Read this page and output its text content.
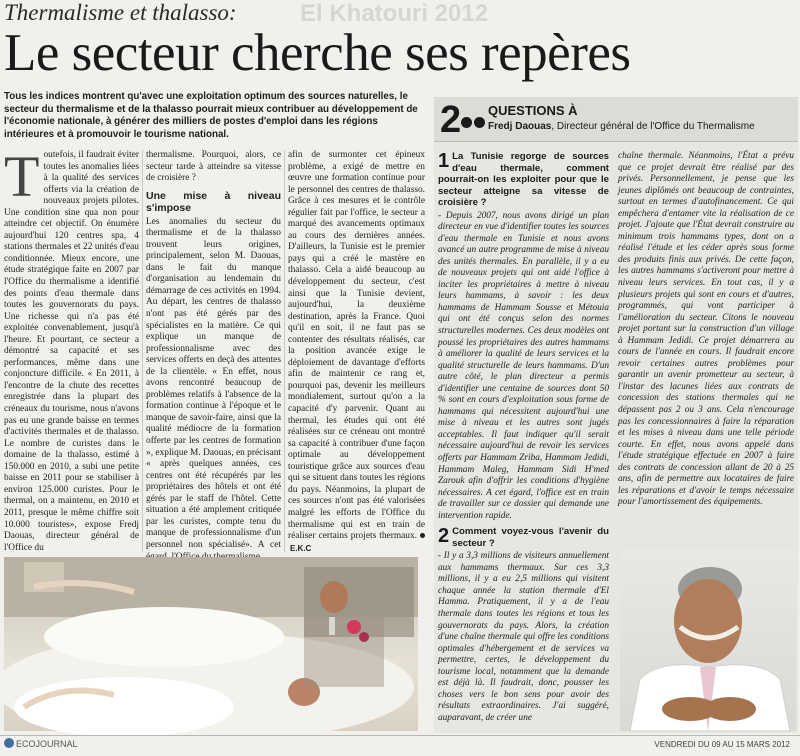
El Khatouri 2012
Thermalisme et thalasso:
Le secteur cherche ses repères
Tous les indices montrent qu'avec une exploitation optimum des sources naturelles, le secteur du thermalisme et de la thalasso pourrait mieux contribuer au développement de l'économie nationale, à générer des milliers de postes d'emploi dans les régions intérieures et à promouvoir le tourisme national.
T outefois, il faudrait éviter toutes les anomalies liées à la qualité des services offerts via la création de nouveaux projets pilotes. Une condition sine qua non pour atteindre cet objectif. On énumère aujourd'hui 120 centres spa, 4 stations thermales et 22 unités d'eau conditionnée. Mieux encore, une étude stratégique faite en 2007 par l'Office du thermalisme a identifié des points d'eau thermale dans toutes les gouvernorats du pays. Une richesse qui n'a pas été exploitée convenablement, jusqu'à l'heure. Et pourtant, ce secteur a démontré sa capacité et ses performances, même dans une conjoncture difficile. « En 2011, à l'encontre de la chute des recettes enregistrée dans la plupart des créneaux du tourisme, nous n'avons pas eu une grande baisse en termes d'activités thermales et de thalasso. Le nombre de curistes dans le domaine de la thalasso, estimé à 150.000 en 2010, a subi une petite baisse en 2011 pour se stabiliser à environ 125.000 curistes. Pour le thermal, on a maintenu, en 2010 et 2011, presque le même chiffre soit 10.000 touristes», expose Fredj Daouas, directeur général de l'Office du

thermalisme. Pourquoi, alors, ce secteur tarde à atteindre sa vitesse de croisière ?

Une mise à niveau s'impose

Les anomalies du secteur du thermalisme et de la thalasso trouvent leurs origines, principalement, selon M. Daouas, dans le fait du manque d'organisation au lendemain du démarrage de ces activités en 1994. Au départ, les centres de thalasso n'ont pas été gérés par des spécialistes en la matière. Ce qui explique un manque de professionnalisme avec des services offerts en deçà des attentes de la clientèle. « En effet, nous avons rencontré beaucoup de problèmes relatifs à l'absence de la formation continue à l'époque et le manque de savoir-faire, ainsi que la qualité médiocre de la formation offerte par les centres de formation », explique M. Daouas, en précisant « après quelques années, ces centres ont été récupérés par les propriétaires des hôtels et ont été gérés par le staff de l'hôtel. Cette situation a été amplement critiquée par les curistes, compte tenu du manque de professionnalisme d'un personnel non spécialisé». A cet

afin de surmonter cet épineux problème, a exigé de mettre en œuvre une formation continue pour le personnel des centres de thalasso. Grâce à ces mesures et le contrôle régulier fait par l'office, le secteur a marqué des avancements optimaux au cours des dernières années. D'ailleurs, la Tunisie est le premier pays qui a créé le mastère en thalasso. Cela a aidé beaucoup au développement du secteur, c'est ainsi que la Tunisie devient, aujourd'hui, la deuxième destination, après la France. Quoi qu'il en soit, il ne faut pas se contenter des résultats réalisés, car la position avancée exige le déploiement de davantage d'efforts afin de maintenir ce rang et, pourquoi pas, devenir les meilleurs mondialement, surtout qu'on a la capacité d'y parvenir. Quant au thermal, les études qui ont été réalisées sur ce créneau ont montré sa capacité à contribuer d'une façon optimale au développement touristique grâce aux sources d'eau qui se situent dans toutes les régions du pays. Néanmoins, la plupart de ces sources n'ont pas été valorisées malgré les efforts de l'Office du thermalisme qui est en train de réaliser certains projets thermaux.E.K.C

2 QUESTIONS À
Fredj Daouas, Directeur général de l'Office du Thermalisme
1 La Tunisie regorge de sources d'eau thermale, comment pourrait-on les exploiter pour que le secteur atteigne sa vitesse de croisière ?

- Depuis 2007, nous avons dirigé un plan directeur en vue d'identifier toutes les sources d'eau thermale en Tunisie et nous avons avancé un autre programme de mise à niveau des unités thermales. En parallèle, il y a eu de nouveaux projets qui ont aidé l'office à inciter les propriétaires à mettre à niveau leurs hammams, à savoir : les deux hammams de Hammam Sousse et Métouia qui ont été conçus selon des normes structurelles modernes. Ces deux modèles ont poussé les propriétaires des autres hammams à améliorer la qualité de leurs services et la qualité structurelle de leurs hammams. D'un autre côté, le plan directeur a permis d'identifier une centaine de sources dont 50 % sont en cours d'exploitation sous forme de hammams qui nécessitent aujourd'hui une mise à niveau et les autres sont jugés acceptables. Il faut indiquer qu'il serait nécessaire aujourd'hui de revoir les services offerts par Hammam Zriba, Hammam Jedidi, Hammam Maleg, Hammam Sidi H'med Zarouk afin d'offrir les conditions d'hygiène nécessaires. A cet égard, l'office est en train de travailler sur ce dossier qui demande une intervention rapide.

2 Comment voyez-vous l'avenir du secteur ?

- Il y a 3,3 millions de visiteurs annuellement aux hammams thermaux. Sur ces 3,3 millions, il y a eu 2,5 millions qui visitent chaque année la station thermale d'El Hamma. Pratiquement, il y a de l'eau thermale dans toutes les régions et tous les gouvernorats du pays. Alors, la création d'une chaîne thermale qui offre les conditions optimales d'hébergement et de services va permettre, certes, le développement du tourisme local, notamment que la demande est déjà là. Il faudrait, donc, pousser les choses vers le bon sens pour avoir des résultats extraordinaires. J'ai suggéré, auparavant, de créer une

chaîne thermale. Néanmoins, l'État a prévu que ce projet devrait être réalisé par des privés. Personnellement, je pense que les jeunes diplômés ont beaucoup de contraintes, surtout en termes d'autofinancement. Ce qui empêchera d'entamer vite la réalisation de ce projet. J'ajoute que l'État devrait construire au minimum trois hammams types, dont on a réalisé l'étude et les céder après sous forme des produits finis aux privés. De cette façon, les autres hammams s'activeront pour mettre à niveau leurs services. En tout cas, il y a plusieurs projets qui sont en cours et d'autres, programmés, qui vont participer à l'amélioration du secteur. Citons le nouveau projet portant sur la construction d'un village à Hammam Jedidi. Ce projet démarrera au cours de l'année en cours. Il faudrait encore revoir certaines autres problèmes pour garantir un avenir prometteur au secteur, à l'instar des lacunes liées aux contrats de concession des stations thermales qui ne dépassent pas 2 ou 3 ans. Cela n'encourage pas les concessionnaires à faire la réparation et les mises à niveau dans une telle période courte. En effet, nous avons appelé dans l'étude stratégique effectuée en 2007 à faire des contrats de concession allant de 20 à 25 ans, afin de permettre aux locataires de faire les réparations et d'avoir le temps nécessaire pour l'amortissement des équipements.

ECOJOURNAL	VENDREDI DU 09 AU 15 MARS 2012
